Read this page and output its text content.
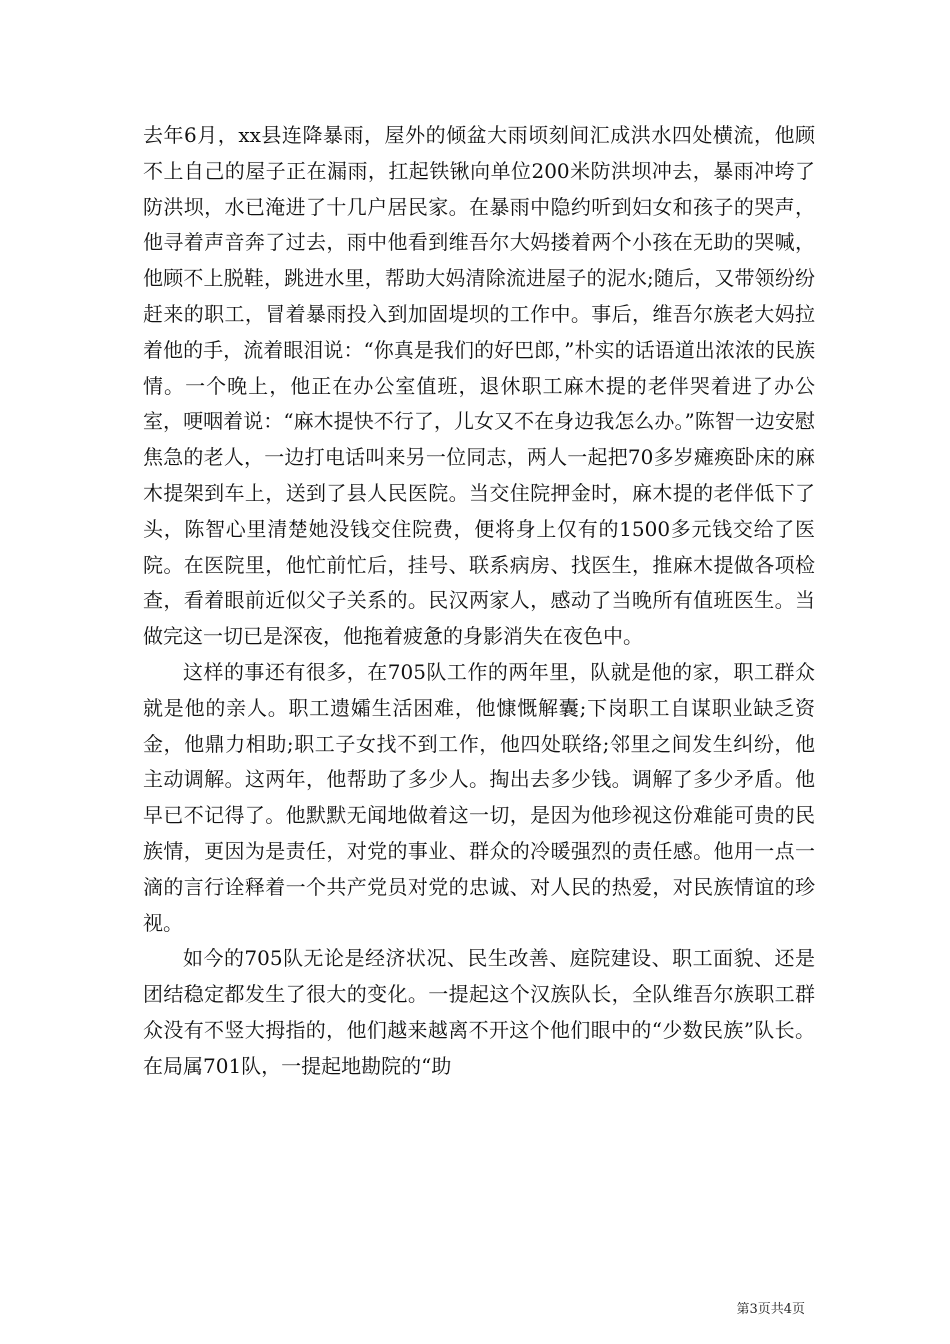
去年6月，xx县连降暴雨，屋外的倾盆大雨顷刻间汇成洪水四处横流，他顾不上自己的屋子正在漏雨，扛起铁锹向单位200米防洪坝冲去，暴雨冲垮了防洪坝，水已淹进了十几户居民家。在暴雨中隐约听到妇女和孩子的哭声，他寻着声音奔了过去，雨中他看到维吾尔大妈搂着两个小孩在无助的哭喊，他顾不上脱鞋，跳进水里，帮助大妈清除流进屋子的泥水;随后，又带领纷纷赶来的职工，冒着暴雨投入到加固堤坝的工作中。事后，维吾尔族老大妈拉着他的手，流着眼泪说：“你真是我们的好巴郎，”朴实的话语道出浓浓的民族情。一个晚上，他正在办公室值班，退休职工麻木提的老伴哭着进了办公室，哽咽着说：“麻木提快不行了，儿女又不在身边我怎么办。”陈智一边安慰焦急的老人，一边打电话叫来另一位同志，两人一起把70多岁瘫痪卧床的麻木提架到车上，送到了县人民医院。当交住院押金时，麻木提的老伴低下了头，陈智心里清楚她没钱交住院费，便将身上仅有的1500多元钱交给了医院。在医院里，他忙前忙后，挂号、联系病房、找医生，推麻木提做各项检查，看着眼前近似父子关系的。民汉两家人，感动了当晚所有值班医生。当做完这一切已是深夜，他拖着疲惫的身影消失在夜色中。

这样的事还有很多，在705队工作的两年里，队就是他的家，职工群众就是他的亲人。职工遗孀生活困难，他慷慨解囊;下岗职工自谋职业缺乏资金，他鼎力相助;职工子女找不到工作，他四处联络;邻里之间发生纠纷，他主动调解。这两年，他帮助了多少人。掏出去多少钱。调解了多少矛盾。他早已不记得了。他默默无闻地做着这一切，是因为他珍视这份难能可贵的民族情，更因为是责任，对党的事业、群众的冷暖强烈的责任感。他用一点一滴的言行诠释着一个共产党员对党的忠诚、对人民的热爱，对民族情谊的珍视。

如今的705队无论是经济状况、民生改善、庭院建设、职工面貌、还是团结稳定都发生了很大的变化。一提起这个汉族队长，全队维吾尔族职工群众没有不竖大拇指的，他们越来越离不开这个他们眼中的“少数民族”队长。在局属701队，一提起地勘院的“助

第3页共4页
